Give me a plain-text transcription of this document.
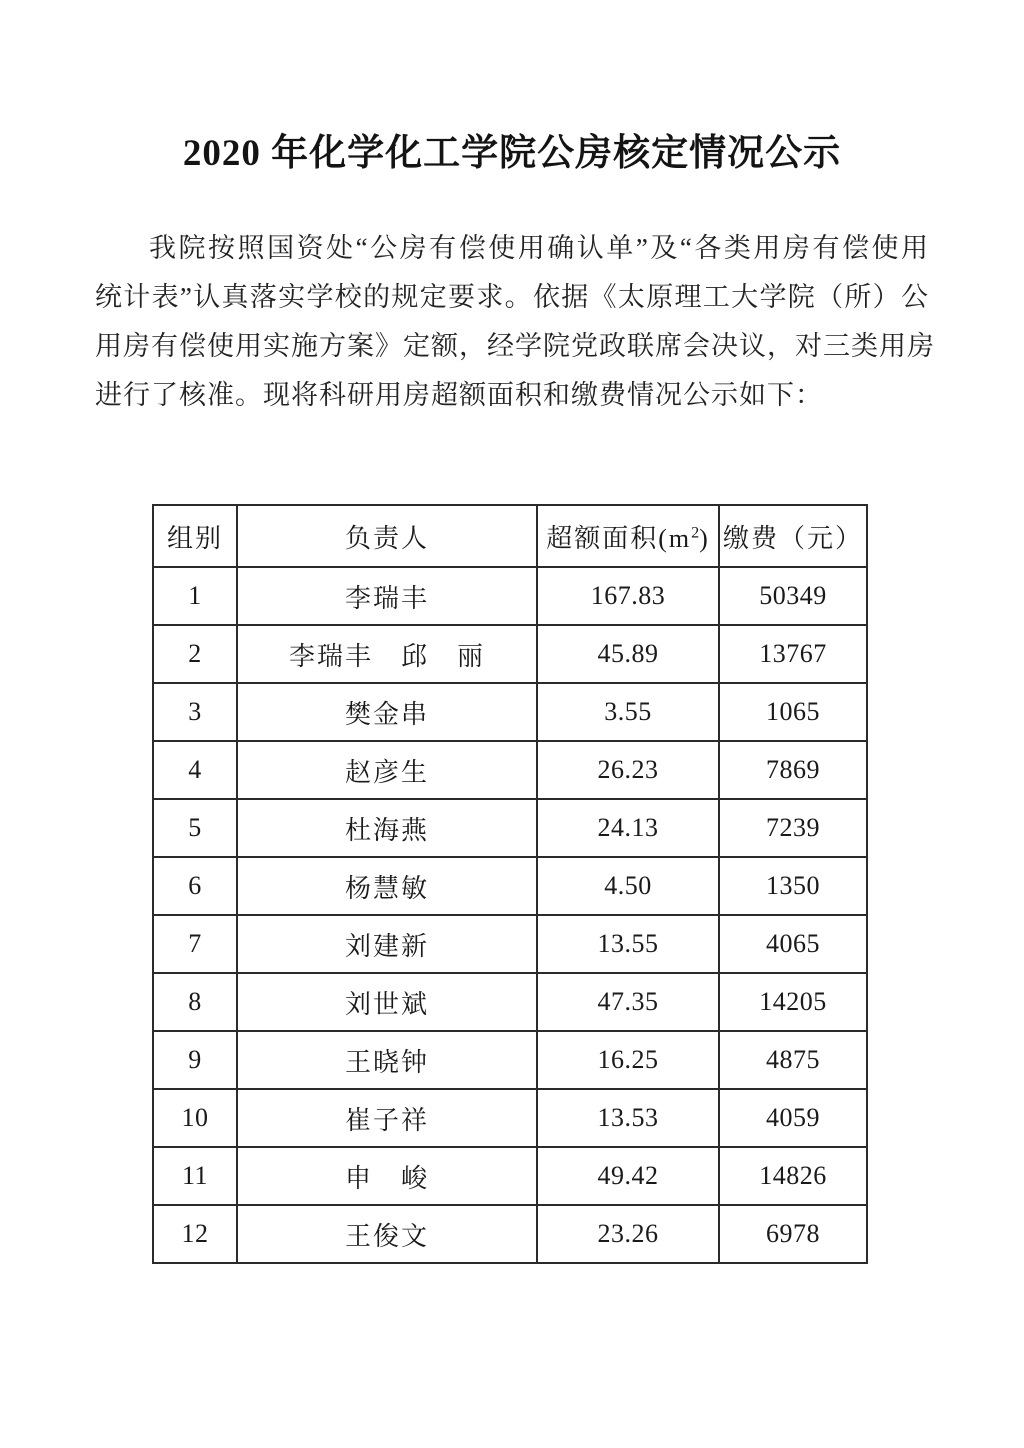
2020 年化学化工学院公房核定情况公示
我院按照国资处“公房有偿使用确认单”及“各类用房有偿使用
统计表”认真落实学校的规定要求。依据《太原理工大学院（所）公
用房有偿使用实施方案》定额，经学院党政联席会决议，对三类用房
进行了核准。现将科研用房超额面积和缴费情况公示如下：
组别	负责人	超额面积$(m^2)$	缴费（元）
1	李瑞丰	167.83	50349
2	李瑞丰　邱　丽	45.89	13767
3	樊金串	3.55	1065
4	赵彦生	26.23	7869
5	杜海燕	24.13	7239
6	杨慧敏	4.50	1350
7	刘建新	13.55	4065
8	刘世斌	47.35	14205
9	王晓钟	16.25	4875
10	崔子祥	13.53	4059
11	申　峻	49.42	14826
12	王俊文	23.26	6978
